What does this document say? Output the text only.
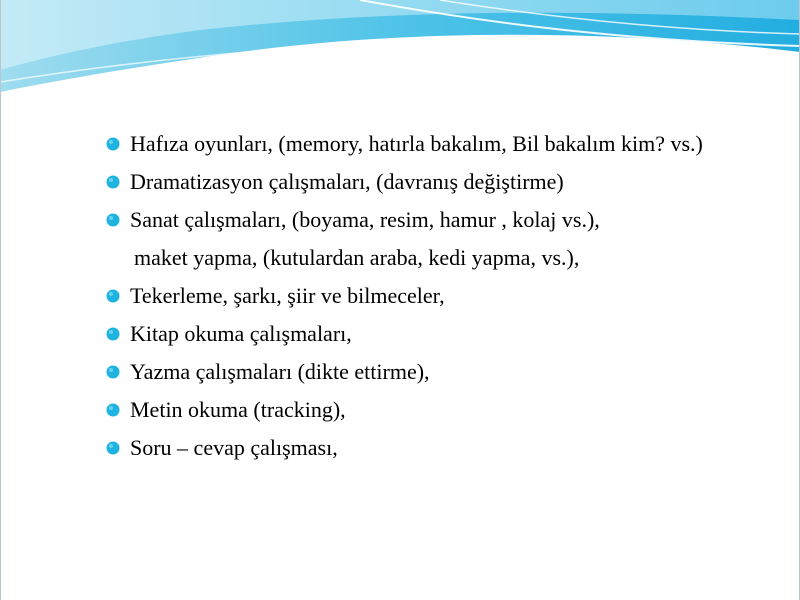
Hafıza oyunları, (memory, hatırla bakalım, Bil bakalım kim? vs.)
Dramatizasyon çalışmaları, (davranış değiştirme)
Sanat çalışmaları, (boyama, resim, hamur , kolaj vs.),
maket yapma, (kutulardan araba, kedi yapma, vs.),
Tekerleme, şarkı, şiir ve bilmeceler,
Kitap okuma çalışmaları,
Yazma çalışmaları (dikte ettirme),
Metin okuma (tracking),
Soru – cevap çalışması,
